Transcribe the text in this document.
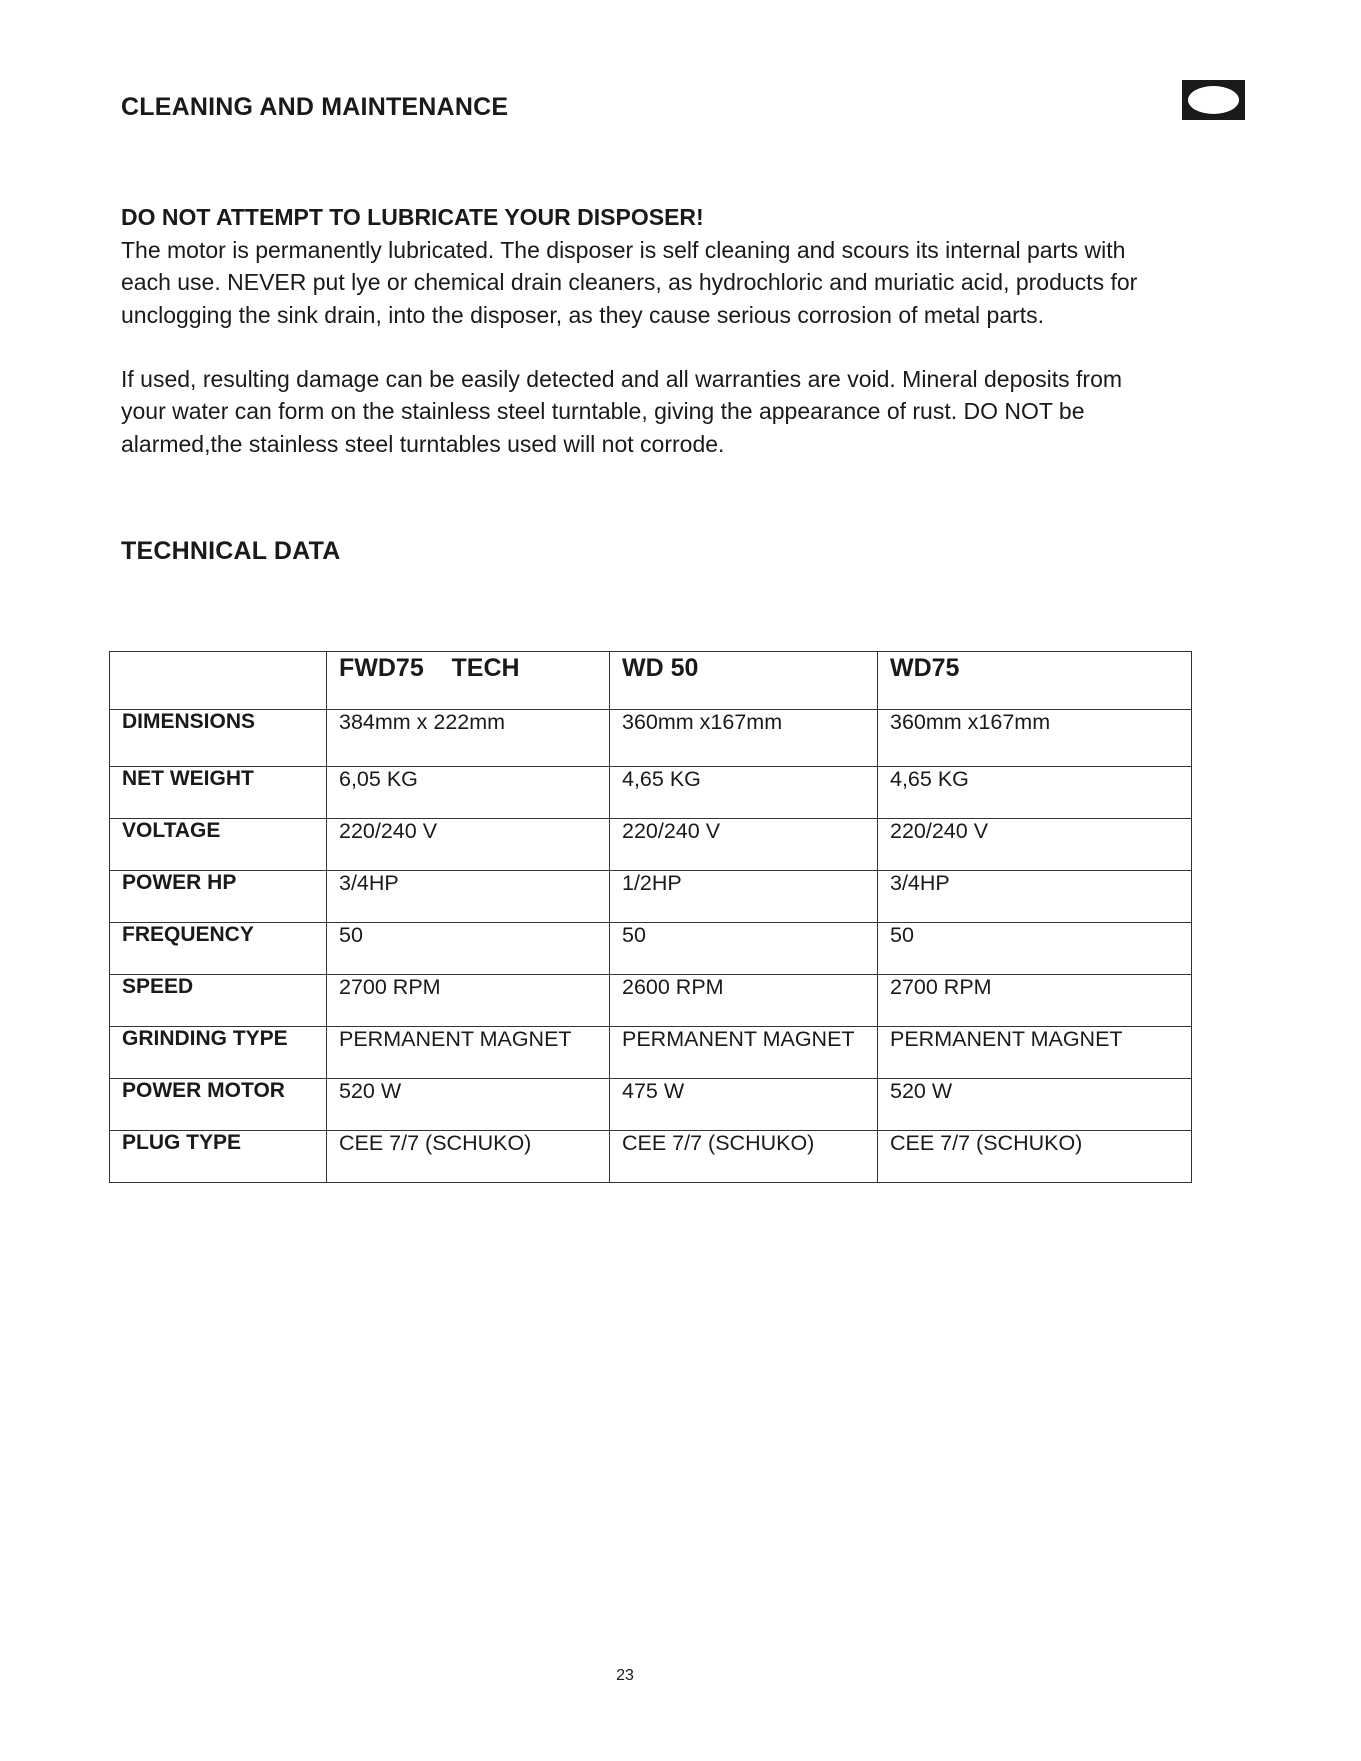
CLEANING AND MAINTENANCE

DO NOT ATTEMPT TO LUBRICATE YOUR DISPOSER!

The motor is permanently lubricated. The disposer is self cleaning and scours its internal parts with each use. NEVER put lye or chemical drain cleaners, as hydrochloric and muriatic acid, products for unclogging the sink drain, into the disposer, as they cause serious corrosion of metal parts.

If used, resulting damage can be easily detected and all warranties are void. Mineral deposits from your water can form on the stainless steel turntable, giving the appearance of rust. DO NOT be alarmed,the stainless steel turntables used will not corrode.

TECHNICAL DATA
	FWD75    TECH	WD 50	WD75
DIMENSIONS	384mm x 222mm	360mm x167mm	360mm x167mm
NET WEIGHT	6,05 KG	4,65 KG	4,65 KG
VOLTAGE	220/240 V	220/240 V	220/240 V
POWER HP	3/4HP	1/2HP	3/4HP
FREQUENCY	50	50	50
SPEED	2700 RPM	2600 RPM	2700 RPM
GRINDING TYPE	PERMANENT MAGNET	PERMANENT MAGNET	PERMANENT MAGNET
POWER MOTOR	520 W	475 W	520 W
PLUG TYPE	CEE 7/7 (SCHUKO)	CEE 7/7 (SCHUKO)	CEE 7/7 (SCHUKO)
23
